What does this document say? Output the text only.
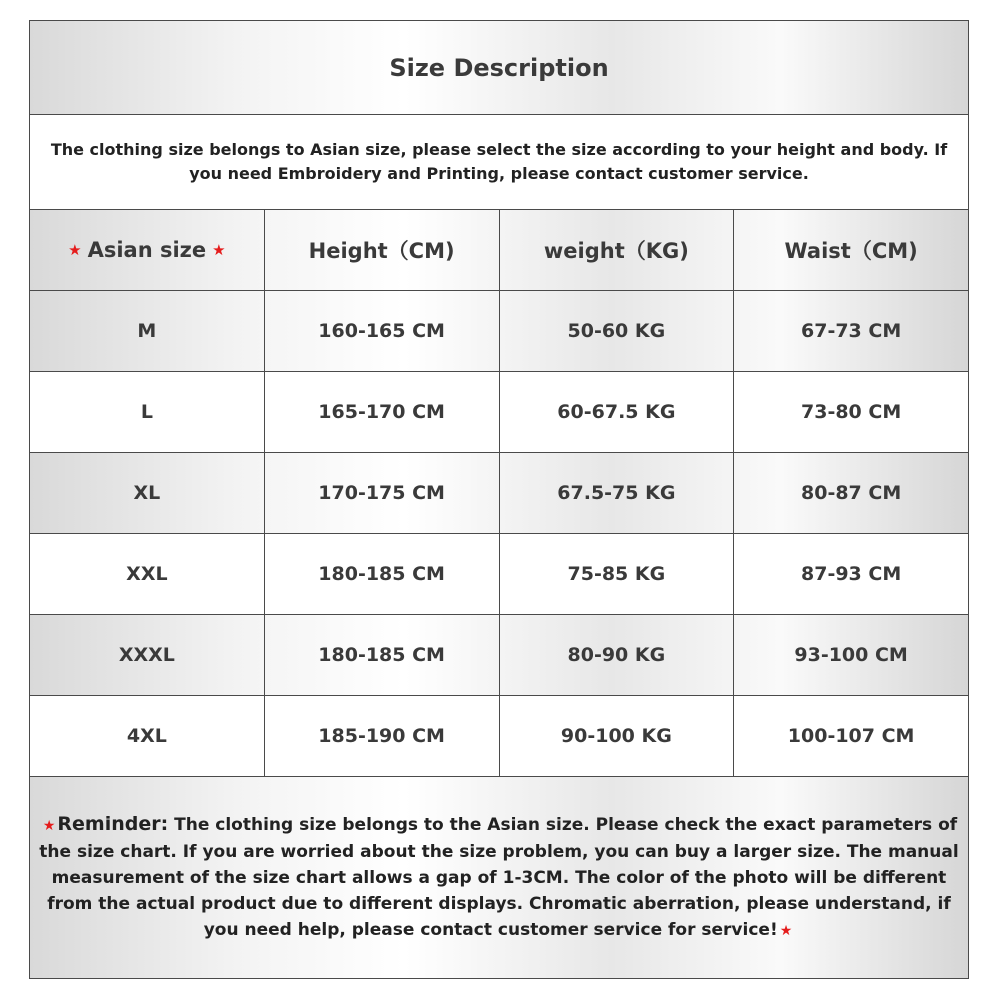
Size Description
The clothing size belongs to Asian size, please select the size according to your height and body. If you need Embroidery and Printing, please contact customer service.
★ Asian size ★	Height（CM)	weight（KG)	Waist（CM)
M	160-165 CM	50-60 KG	67-73 CM
L	165-170 CM	60-67.5 KG	73-80 CM
XL	170-175 CM	67.5-75 KG	80-87 CM
XXL	180-185 CM	75-85 KG	87-93 CM
XXXL	180-185 CM	80-90 KG	93-100 CM
4XL	185-190 CM	90-100 KG	100-107 CM
★ Reminder: The clothing size belongs to the Asian size. Please check the exact parameters of the size chart. If you are worried about the size problem, you can buy a larger size. The manual measurement of the size chart allows a gap of 1-3CM. The color of the photo will be different from the actual product due to different displays. Chromatic aberration, please understand, if you need help, please contact customer service for service! ★
